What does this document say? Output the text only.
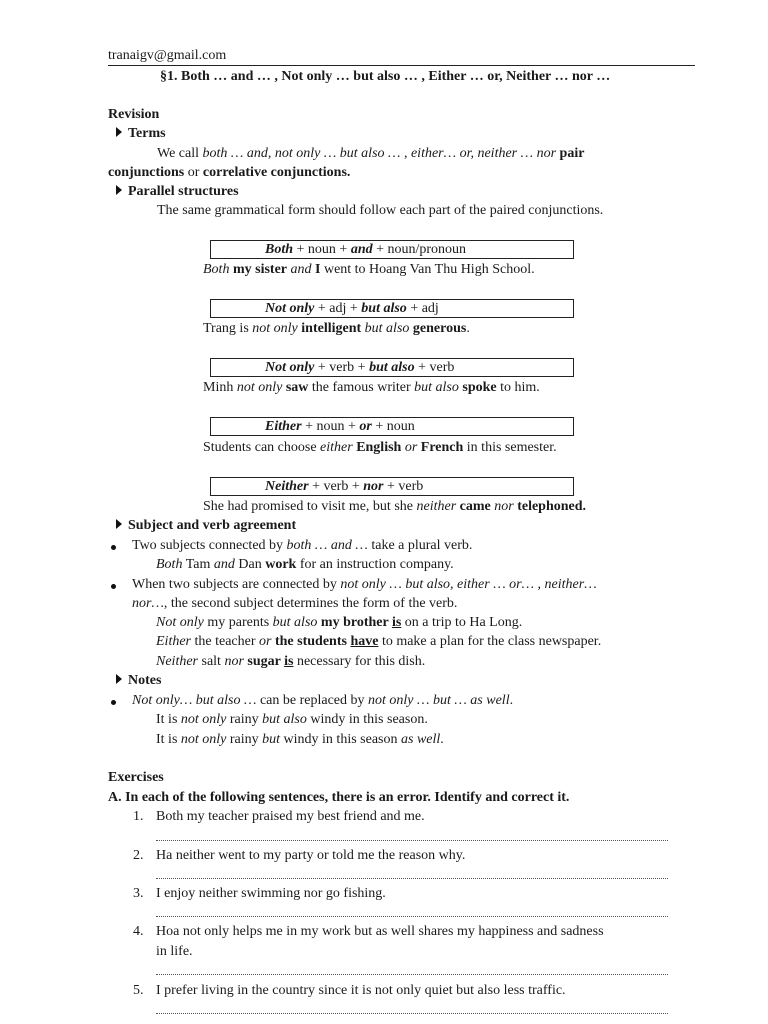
tranaigv@gmail.com
§1. Both … and … , Not only … but also … , Either … or, Neither … nor …
Revision
Terms
We call both … and, not only … but also … , either… or, neither … nor pair
conjunctions or correlative conjunctions.
Parallel structures
The same grammatical form should follow each part of the paired conjunctions.
Both + noun + and + noun/pronoun
Both my sister and I went to Hoang Van Thu High School.
Not only + adj + but also + adj
Trang is not only intelligent but also generous.
Not only + verb + but also + verb
Minh not only saw the famous writer but also spoke to him.
Either + noun + or + noun
Students can choose either English or French in this semester.
Neither + verb + nor + verb
She had promised to visit me, but she neither came nor telephoned.
Subject and verb agreement
Two subjects connected by both … and … take a plural verb.
Both Tam and Dan work for an instruction company.
When two subjects are connected by not only … but also, either … or… , neither…
nor…, the second subject determines the form of the verb.
Not only my parents but also my brother is on a trip to Ha Long.
Either the teacher or the students have to make a plan for the class newspaper.
Neither salt nor sugar is necessary for this dish.
Notes
Not only… but also … can be replaced by not only … but … as well.
It is not only rainy but also windy in this season.
It is not only rainy but windy in this season as well.
Exercises
A. In each of the following sentences, there is an error. Identify and correct it.
1. Both my teacher praised my best friend and me.
2. Ha neither went to my party or told me the reason why.
3. I enjoy neither swimming nor go fishing.
4. Hoa not only helps me in my work but as well shares my happiness and sadness
in life.
5. I prefer living in the country since it is not only quiet but also less traffic.
